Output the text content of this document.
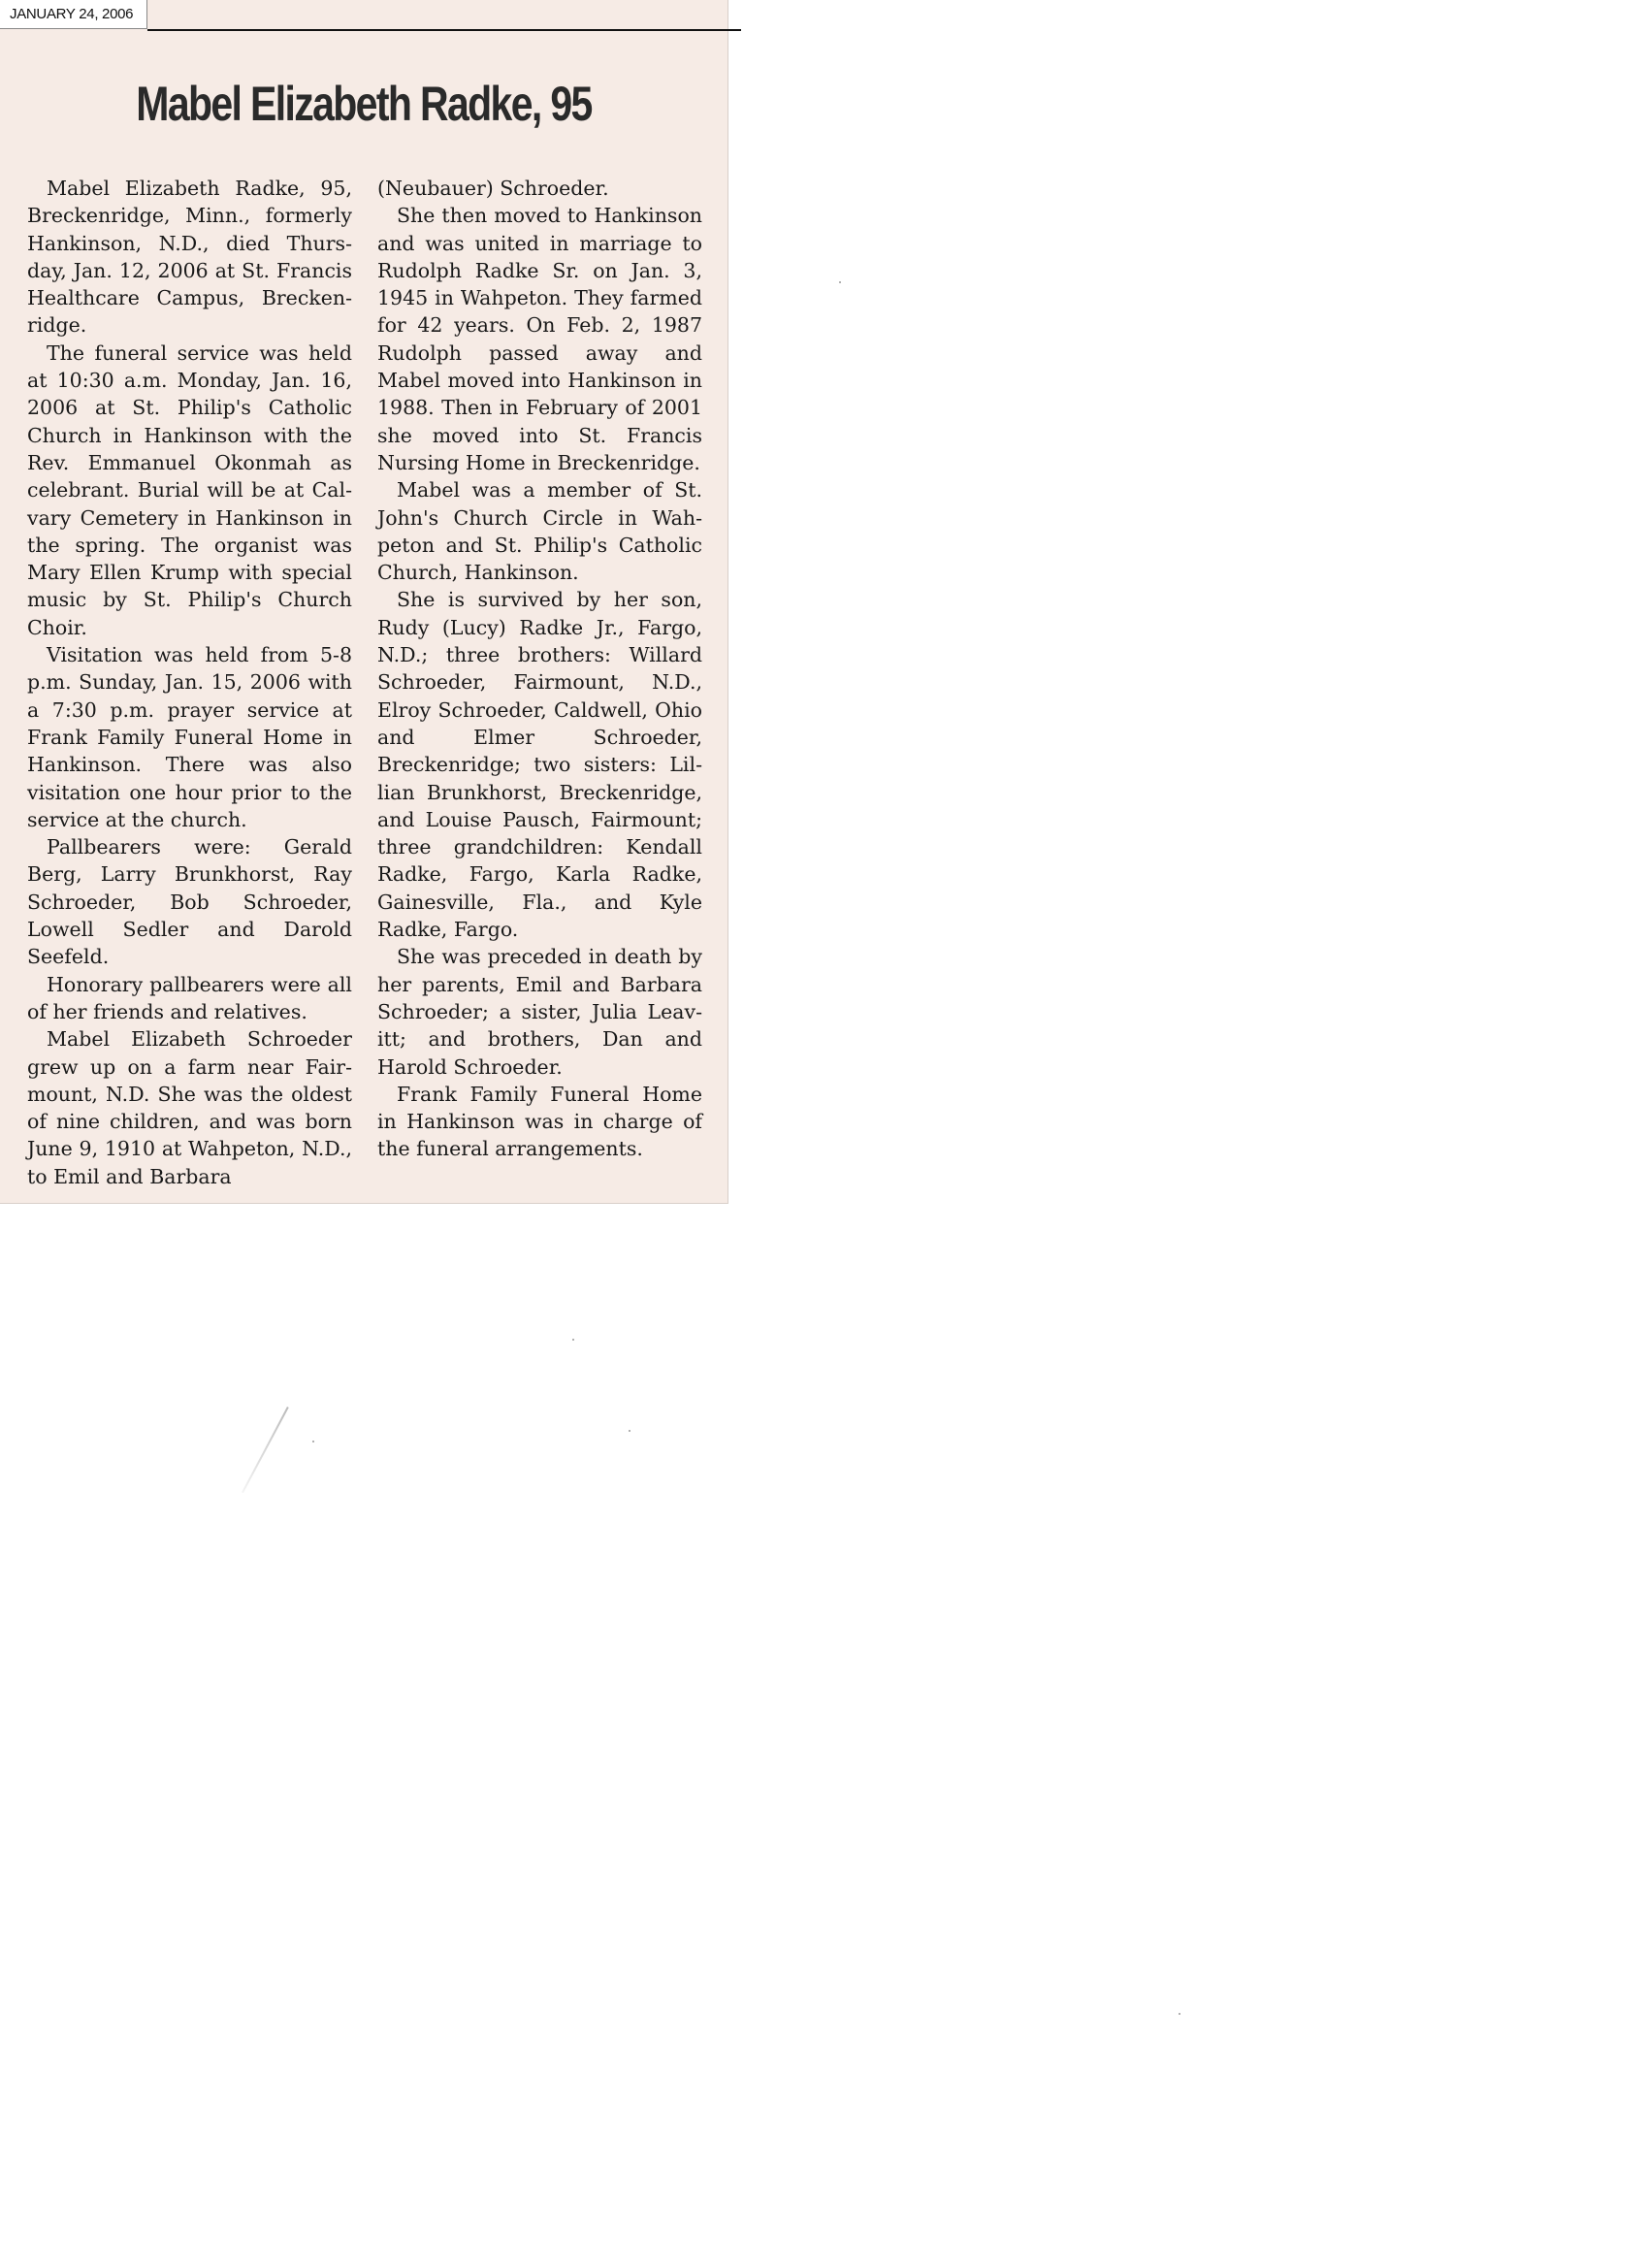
Mabel Elizabeth Radke, 95

Mabel Elizabeth Radke, 95, Breckenridge, Minn., formerly Hankinson, N.D., died Thursday, Jan. 12, 2006 at St. Francis Healthcare Campus, Breckenridge.

The funeral service was held at 10:30 a.m. Monday, Jan. 16, 2006 at St. Philip's Catholic Church in Hankinson with the Rev. Emmanuel Okonmah as celebrant. Burial will be at Calvary Cemetery in Hankinson in the spring. The organist was Mary Ellen Krump with special music by St. Philip's Church Choir.

Visitation was held from 5-8 p.m. Sunday, Jan. 15, 2006 with a 7:30 p.m. prayer service at Frank Family Funeral Home in Hankinson. There was also visitation one hour prior to the service at the church.

Pallbearers were: Gerald Berg, Larry Brunkhorst, Ray Schroeder, Bob Schroeder, Lowell Sedler and Darold Seefeld.

Honorary pallbearers were all of her friends and relatives.

Mabel Elizabeth Schroeder grew up on a farm near Fairmount, N.D. She was the oldest of nine children, and was born June 9, 1910 at Wahpeton, N.D., to Emil and Barbara

(Neubauer) Schroeder.

She then moved to Hankinson and was united in marriage to Rudolph Radke Sr. on Jan. 3, 1945 in Wahpeton. They farmed for 42 years. On Feb. 2, 1987 Rudolph passed away and Mabel moved into Hankinson in 1988. Then in February of 2001 she moved into St. Francis Nursing Home in Breckenridge.

Mabel was a member of St. John's Church Circle in Wahpeton and St. Philip's Catholic Church, Hankinson.

She is survived by her son, Rudy (Lucy) Radke Jr., Fargo, N.D.; three brothers: Willard Schroeder, Fairmount, N.D., Elroy Schroeder, Caldwell, Ohio and Elmer Schroeder, Breckenridge; two sisters: Lillian Brunkhorst, Breckenridge, and Louise Pausch, Fairmount; three grandchildren: Kendall Radke, Fargo, Karla Radke, Gainesville, Fla., and Kyle Radke, Fargo.

She was preceded in death by her parents, Emil and Barbara Schroeder; a sister, Julia Leavitt; and brothers, Dan and Harold Schroeder.

Frank Family Funeral Home in Hankinson was in charge of the funeral arrangements.

JANUARY 24, 2006
